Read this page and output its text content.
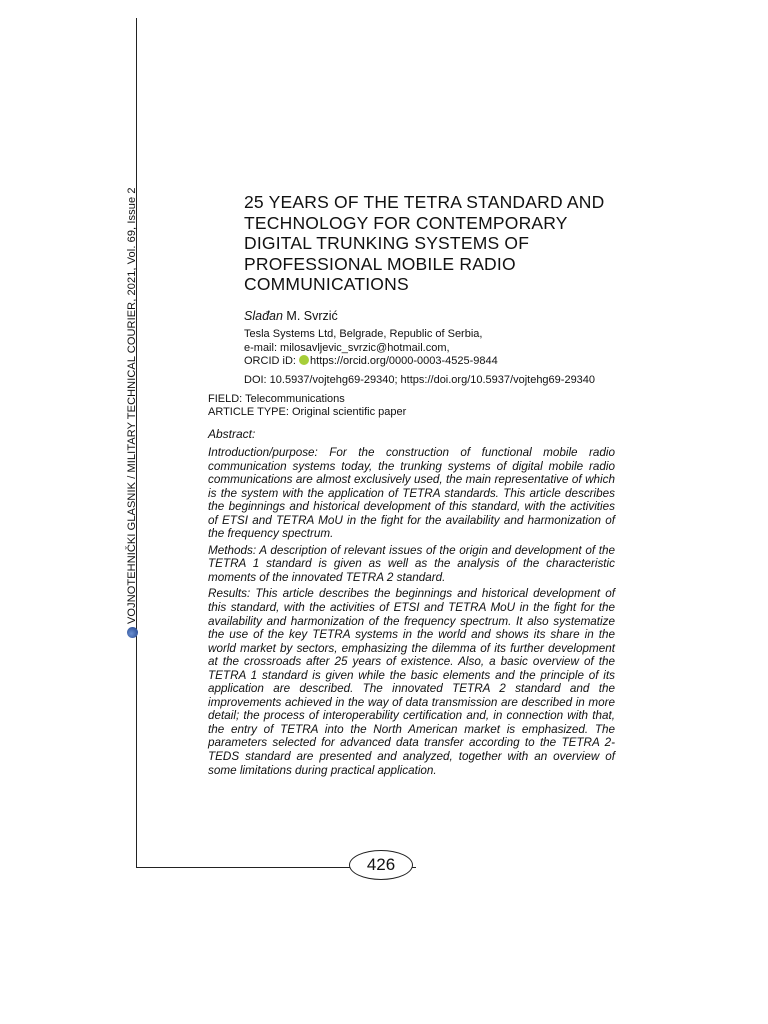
VOJNOTEHNIČKI GLASNIK / MILITARY TECHNICAL COURIER, 2021, Vol. 69, Issue 2	25 YEARS OF THE TETRA STANDARD AND TECHNOLOGY FOR CONTEMPORARY DIGITAL TRUNKING SYSTEMS OF PROFESSIONAL MOBILE RADIO COMMUNICATIONS
Slađan M. Svrzić
Tesla Systems Ltd, Belgrade, Republic of Serbia,
e-mail: milosavljevic_svrzic@hotmail.com,
ORCID iD: https://orcid.org/0000-0003-4525-9844
DOI: 10.5937/vojtehg69-29340; https://doi.org/10.5937/vojtehg69-29340
FIELD: Telecommunications
ARTICLE TYPE: Original scientific paper
Abstract:

Introduction/purpose: For the construction of functional mobile radio communication systems today, the trunking systems of digital mobile radio communications are almost exclusively used, the main representative of which is the system with the application of TETRA standards. This article describes the beginnings and historical development of this standard, with the activities of ETSI and TETRA MoU in the fight for the availability and harmonization of the frequency spectrum.

Methods: A description of relevant issues of the origin and development of the TETRA 1 standard is given as well as the analysis of the characteristic moments of the innovated TETRA 2 standard.

Results: This article describes the beginnings and historical development of this standard, with the activities of ETSI and TETRA MoU in the fight for the availability and harmonization of the frequency spectrum. It also systematize the use of the key TETRA systems in the world and shows its share in the world market by sectors, emphasizing the dilemma of its further development at the crossroads after 25 years of existence. Also, a basic overview of the TETRA 1 standard is given while the basic elements and the principle of its application are described. The innovated TETRA 2 standard and the improvements achieved in the way of data transmission are described in more detail; the process of interoperability certification and, in connection with that, the entry of TETRA into the North American market is emphasized. The parameters selected for advanced data transfer according to the TETRA 2-TEDS standard are presented and analyzed, together with an overview of some limitations during practical application.

426
